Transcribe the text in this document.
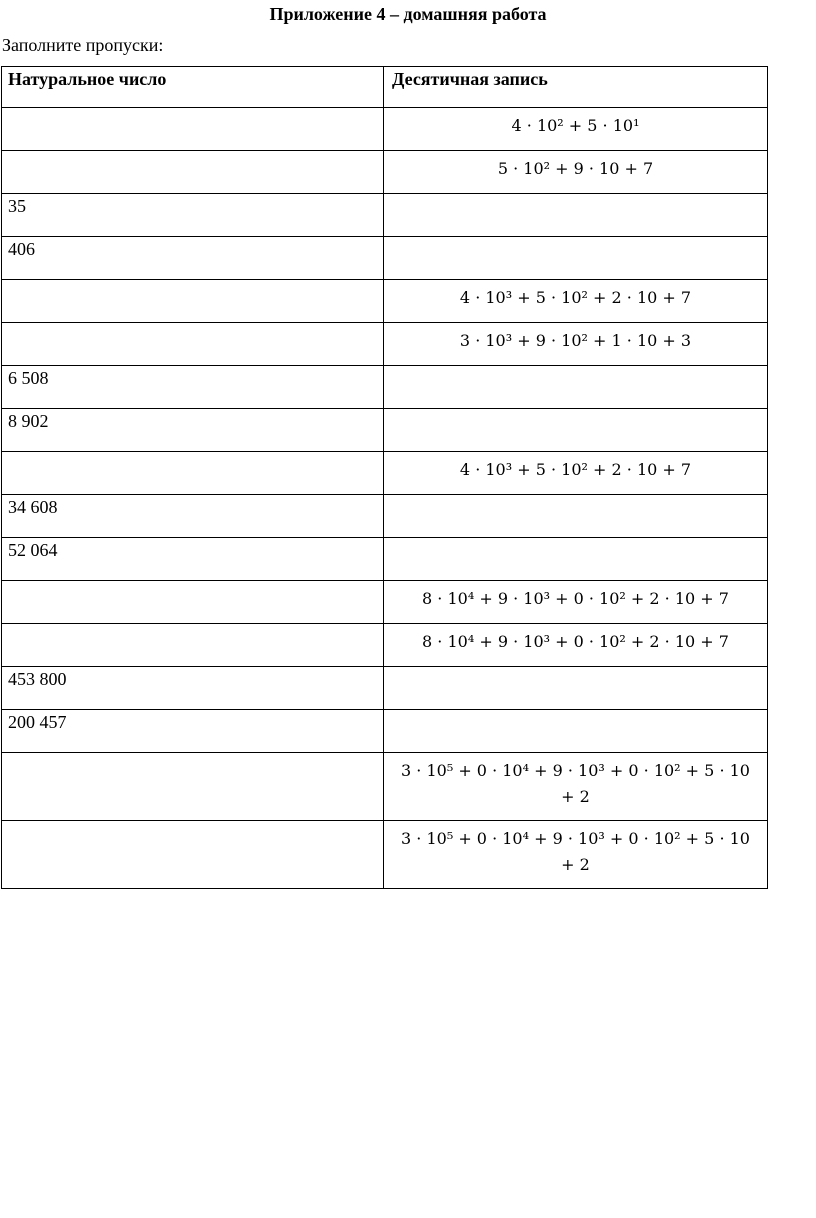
Приложение 4 – домашняя работа
Заполните пропуски:
Натуральное число	Десятичная запись

	4 · 10² + 5 · 10¹

	5 · 10² + 9 · 10 + 7

35	

406	

	4 · 10³ + 5 · 10² + 2 · 10 + 7

	3 · 10³ + 9 · 10² + 1 · 10 + 3

6 508	

8 902	

	4 · 10³ + 5 · 10² + 2 · 10 + 7

34 608	

52 064	

	8 · 10⁴ + 9 · 10³ + 0 · 10² + 2 · 10 + 7

	8 · 10⁴ + 9 · 10³ + 0 · 10² + 2 · 10 + 7

453 800	

200 457	

	3 · 10⁵ + 0 · 10⁴ + 9 · 10³ + 0 · 10² + 5 · 10
+ 2

	3 · 10⁵ + 0 · 10⁴ + 9 · 10³ + 0 · 10² + 5 · 10
+ 2
